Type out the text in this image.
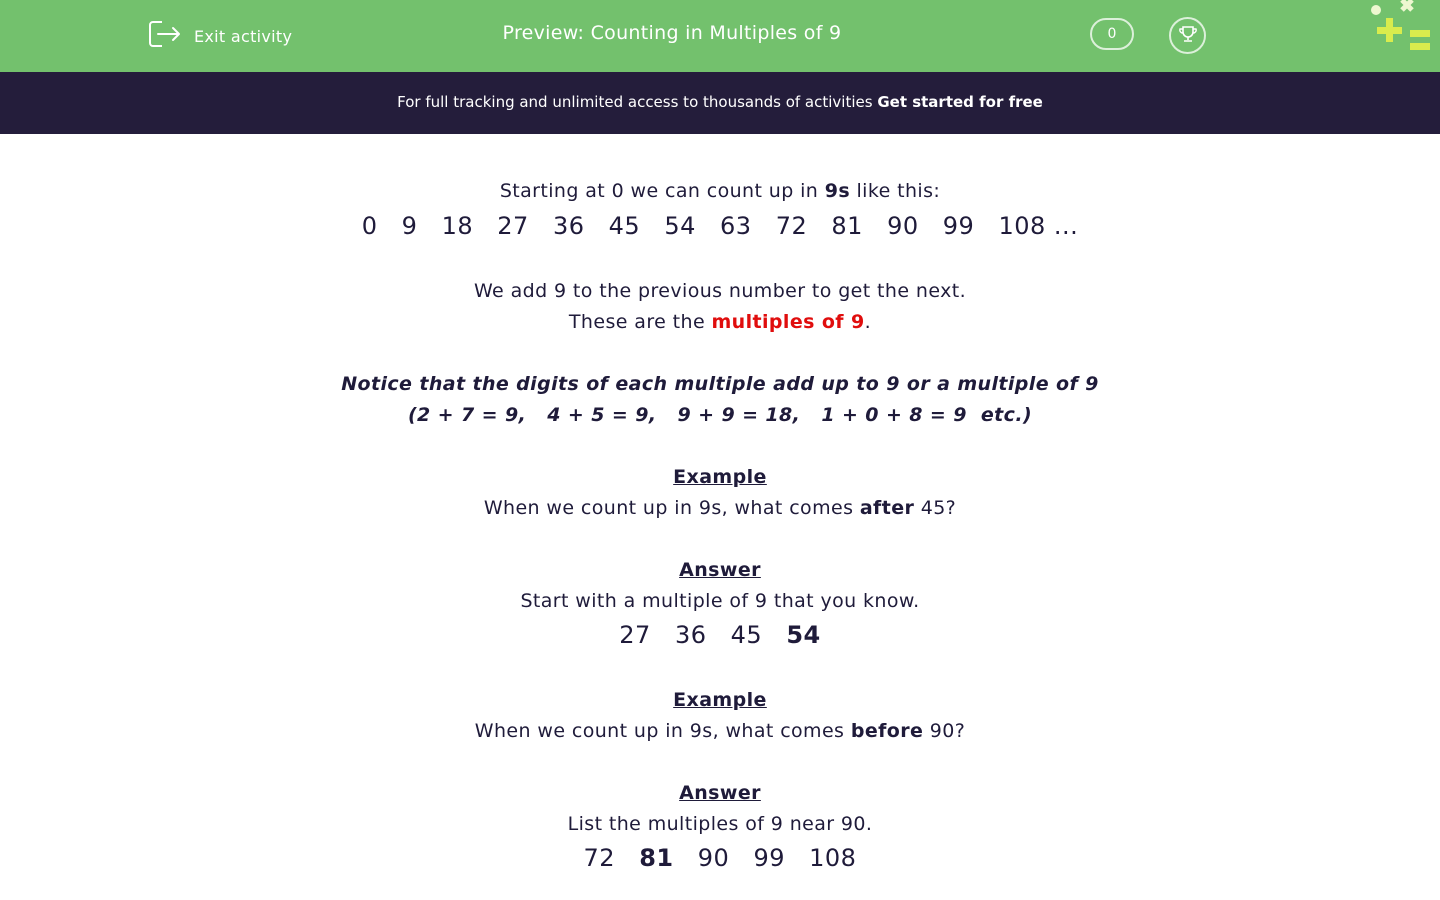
Exit activity	Preview: Counting in Multiples of 9	0
For full tracking and unlimited access to thousands of activities Get started for free
Starting at 0 we can count up in 9s like this:
0 9 18 27 36 45 54 63 72 81 90 99 108 ...
We add 9 to the previous number to get the next.
These are the multiples of 9.
Notice that the digits of each multiple add up to 9 or a multiple of 9
(2 + 7 = 9,   4 + 5 = 9,   9 + 9 = 18,   1 + 0 + 8 = 9  etc.)
Example
When we count up in 9s, what comes after 45?
Answer
Start with a multiple of 9 that you know.
27 36 45 54
Example
When we count up in 9s, what comes before 90?
Answer
List the multiples of 9 near 90.
72 81 90 99 108
